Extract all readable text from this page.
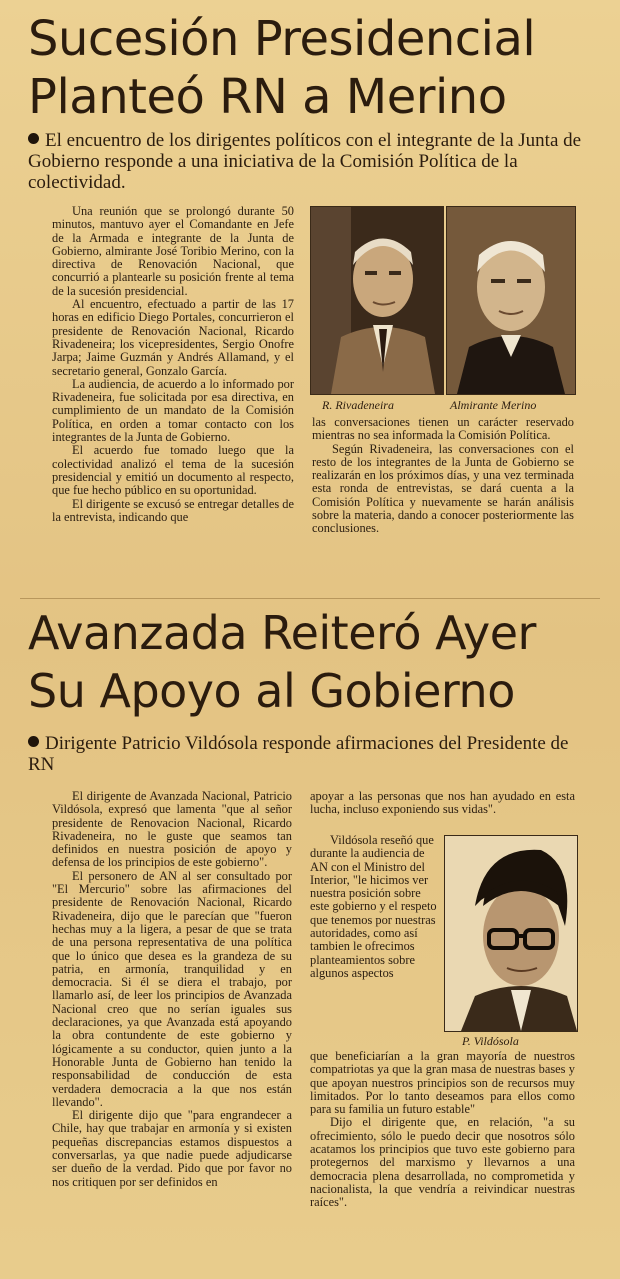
Sucesión Presidencial
Planteó RN a Merino
El encuentro de los dirigentes políticos con el integrante de la Junta de Gobierno responde a una iniciativa de la Comisión Política de la colectividad.

Una reunión que se prolongó durante 50 minutos, mantuvo ayer el Comandante en Jefe de la Armada e integrante de la Junta de Gobierno, almirante José Toribio Merino, con la directiva de Renovación Nacional, que concurrió a plantearle su posición frente al tema de la sucesión presidencial.

Al encuentro, efectuado a partir de las 17 horas en edificio Diego Portales, concurrieron el presidente de Renovación Nacional, Ricardo Rivadeneira; los vicepresidentes, Sergio Onofre Jarpa; Jaime Guzmán y Andrés Allamand, y el secretario general, Gonzalo García.

La audiencia, de acuerdo a lo informado por Rivadeneira, fue solicitada por esa directiva, en cumplimiento de un mandato de la Comisión Política, en orden a tomar contacto con los integrantes de la Junta de Gobierno.

El acuerdo fue tomado luego que la colectividad analizó el tema de la sucesión presidencial y emitió un documento al respecto, que fue hecho público en su oportunidad.

El dirigente se excusó se entregar detalles de la entrevista, indicando que

R. Rivadeneira	Almirante Merino

las conversaciones tienen un carácter reservado mientras no sea informada la Comisión Política.

Según Rivadeneira, las conversaciones con el resto de los integrantes de la Junta de Gobierno se realizarán en los próximos días, y una vez terminada esta ronda de entrevistas, se dará cuenta a la Comisión Política y nuevamente se harán análisis sobre la materia, dando a conocer posteriormente las conclusiones.

Avanzada Reiteró Ayer
Su Apoyo al Gobierno
Dirigente Patricio Vildósola responde afirmaciones del Presidente de RN

El dirigente de Avanzada Nacional, Patricio Vildósola, expresó que lamenta "que al señor presidente de Renovacion Nacional, Ricardo Rivadeneira, no le guste que seamos tan definidos en nuestra posición de apoyo y defensa de los principios de este gobierno".

El personero de AN al ser consultado por "El Mercurio" sobre las afirmaciones del presidente de Renovación Nacional, Ricardo Rivadeneira, dijo que le parecían que "fueron hechas muy a la ligera, a pesar de que se trata de una persona representativa de una política que lo único que desea es la grandeza de su patria, en armonía, tranquilidad y en democracia. Si él se diera el trabajo, por llamarlo así, de leer los principios de Avanzada Nacional creo que no serían iguales sus declaraciones, ya que Avanzada está apoyando la obra contundente de este gobierno y lógicamente a su conductor, quien junto a la Honorable Junta de Gobierno han tenido la responsabilidad de conducción de esta verdadera democracia a la que nos están llevando".

El dirigente dijo que "para engrandecer a Chile, hay que trabajar en armonía y si existen pequeñas discrepancias estamos dispuestos a conversarlas, ya que nadie puede adjudicarse ser dueño de la verdad. Pido que por favor no nos critiquen por ser definidos en

apoyar a las personas que nos han ayudado en esta lucha, incluso exponiendo sus vidas".

Vildósola reseñó que durante la audiencia de AN con el Ministro del Interior, "le hicimos ver nuestra posición sobre este gobierno y el respeto que tenemos por nuestras autoridades, como así tambien le ofrecimos planteamientos sobre algunos aspectos

P. Vildósola

que beneficiarían a la gran mayoría de nuestros compatriotas ya que la gran masa de nuestras bases y que apoyan nuestros principios son de recursos muy limitados. Por lo tanto deseamos para ellos como para su familia un futuro estable"

Dijo el dirigente que, en relación, "a su ofrecimiento, sólo le puedo decir que nosotros sólo acatamos los principios que tuvo este gobierno para protegernos del marxismo y llevarnos a una democracia plena desarrollada, no comprometida y nacionalista, la que vendría a reivindicar nuestras raíces".
